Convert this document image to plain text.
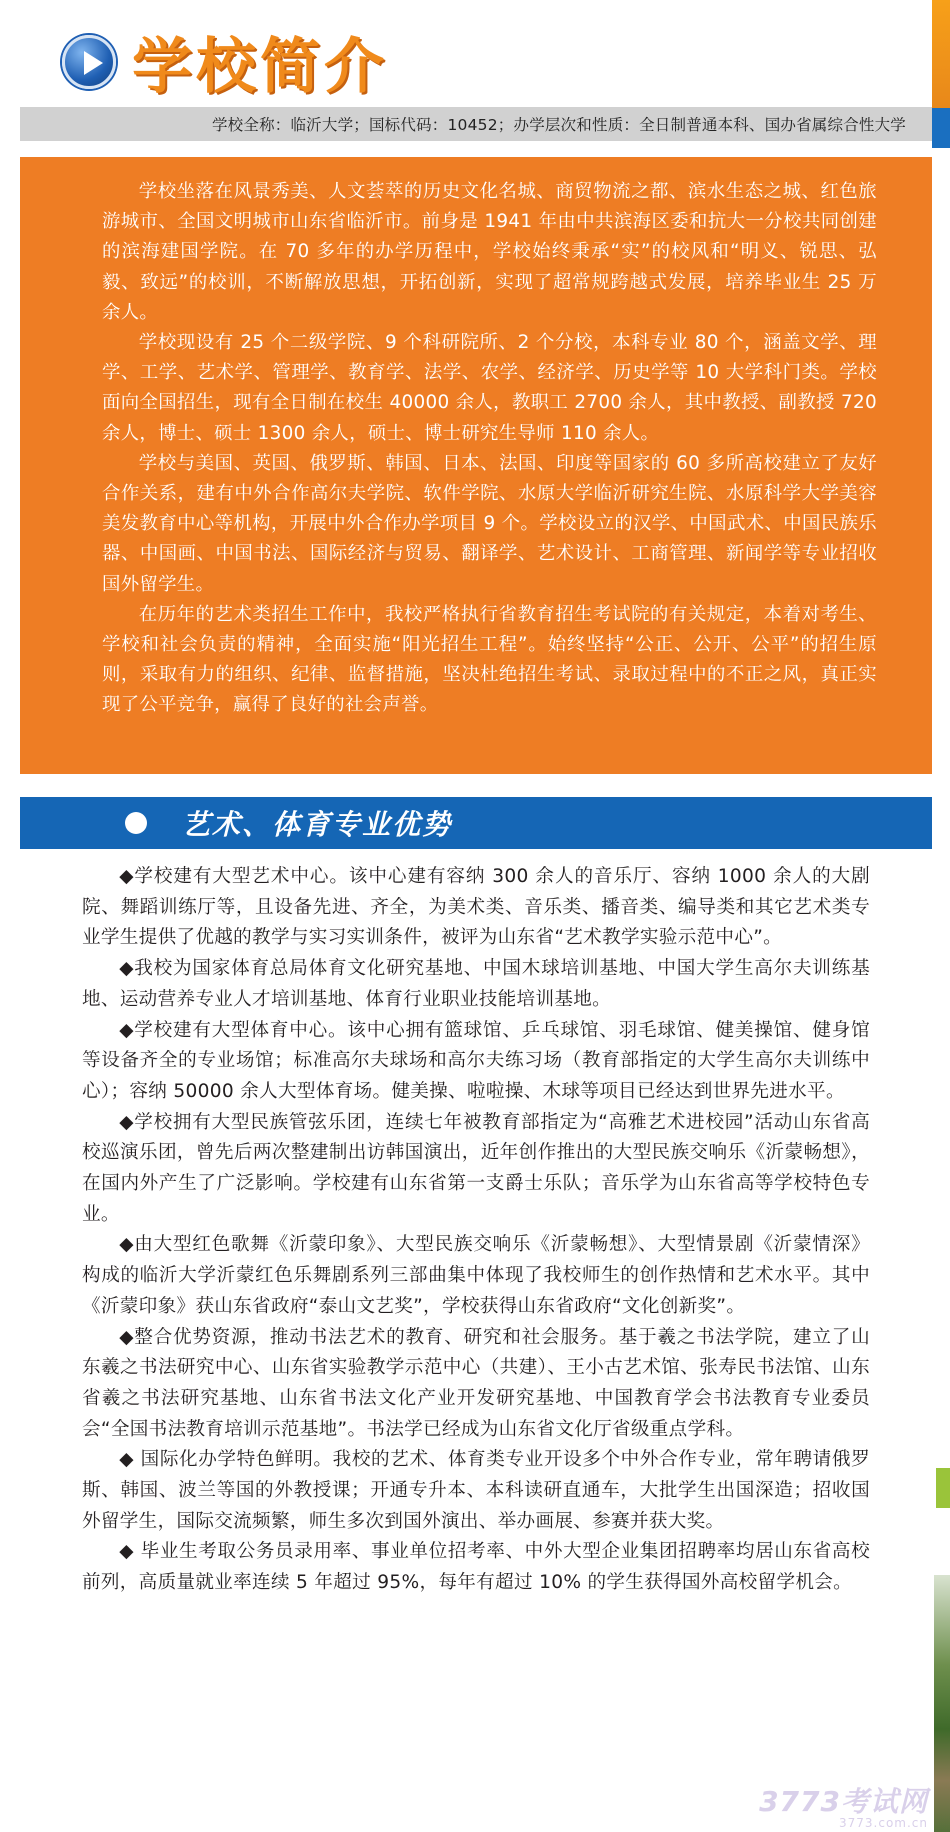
学校简介
学校全称：临沂大学；国标代码：10452；办学层次和性质：全日制普通本科、国办省属综合性大学

学校坐落在风景秀美、人文荟萃的历史文化名城、商贸物流之都、滨水生态之城、红色旅游城市、全国文明城市山东省临沂市。前身是 1941 年由中共滨海区委和抗大一分校共同创建的滨海建国学院。在 70 多年的办学历程中，学校始终秉承“实”的校风和“明义、锐思、弘毅、致远”的校训，不断解放思想，开拓创新，实现了超常规跨越式发展，培养毕业生 25 万余人。

学校现设有 25 个二级学院、9 个科研院所、2 个分校，本科专业 80 个，涵盖文学、理学、工学、艺术学、管理学、教育学、法学、农学、经济学、历史学等 10 大学科门类。学校面向全国招生，现有全日制在校生 40000 余人，教职工 2700 余人，其中教授、副教授 720 余人，博士、硕士 1300 余人，硕士、博士研究生导师 110 余人。

学校与美国、英国、俄罗斯、韩国、日本、法国、印度等国家的 60 多所高校建立了友好合作关系，建有中外合作高尔夫学院、软件学院、水原大学临沂研究生院、水原科学大学美容美发教育中心等机构，开展中外合作办学项目 9 个。学校设立的汉学、中国武术、中国民族乐器、中国画、中国书法、国际经济与贸易、翻译学、艺术设计、工商管理、新闻学等专业招收国外留学生。

在历年的艺术类招生工作中，我校严格执行省教育招生考试院的有关规定，本着对考生、学校和社会负责的精神，全面实施“阳光招生工程”。始终坚持“公正、公开、公平”的招生原则，采取有力的组织、纪律、监督措施，坚决杜绝招生考试、录取过程中的不正之风，真正实现了公平竞争，赢得了良好的社会声誉。

艺术、体育专业优势

◆学校建有大型艺术中心。该中心建有容纳 300 余人的音乐厅、容纳 1000 余人的大剧院、舞蹈训练厅等，且设备先进、齐全，为美术类、音乐类、播音类、编导类和其它艺术类专业学生提供了优越的教学与实习实训条件，被评为山东省“艺术教学实验示范中心”。

◆我校为国家体育总局体育文化研究基地、中国木球培训基地、中国大学生高尔夫训练基地、运动营养专业人才培训基地、体育行业职业技能培训基地。

◆学校建有大型体育中心。该中心拥有篮球馆、乒乓球馆、羽毛球馆、健美操馆、健身馆等设备齐全的专业场馆；标准高尔夫球场和高尔夫练习场（教育部指定的大学生高尔夫训练中心）；容纳 50000 余人大型体育场。健美操、啦啦操、木球等项目已经达到世界先进水平。

◆学校拥有大型民族管弦乐团，连续七年被教育部指定为“高雅艺术进校园”活动山东省高校巡演乐团，曾先后两次整建制出访韩国演出，近年创作推出的大型民族交响乐《沂蒙畅想》，在国内外产生了广泛影响。学校建有山东省第一支爵士乐队；音乐学为山东省高等学校特色专业。

◆由大型红色歌舞《沂蒙印象》、大型民族交响乐《沂蒙畅想》、大型情景剧《沂蒙情深》构成的临沂大学沂蒙红色乐舞剧系列三部曲集中体现了我校师生的创作热情和艺术水平。其中《沂蒙印象》获山东省政府“泰山文艺奖”，学校获得山东省政府“文化创新奖”。

◆整合优势资源，推动书法艺术的教育、研究和社会服务。基于羲之书法学院，建立了山东羲之书法研究中心、山东省实验教学示范中心（共建）、王小古艺术馆、张寿民书法馆、山东省羲之书法研究基地、山东省书法文化产业开发研究基地、中国教育学会书法教育专业委员会“全国书法教育培训示范基地”。书法学已经成为山东省文化厅省级重点学科。

◆ 国际化办学特色鲜明。我校的艺术、体育类专业开设多个中外合作专业，常年聘请俄罗斯、韩国、波兰等国的外教授课；开通专升本、本科读研直通车，大批学生出国深造；招收国外留学生，国际交流频繁，师生多次到国外演出、举办画展、参赛并获大奖。

◆ 毕业生考取公务员录用率、事业单位招考率、中外大型企业集团招聘率均居山东省高校前列，高质量就业率连续 5 年超过 95%，每年有超过 10% 的学生获得国外高校留学机会。

3773考试网
3773.com.cn
